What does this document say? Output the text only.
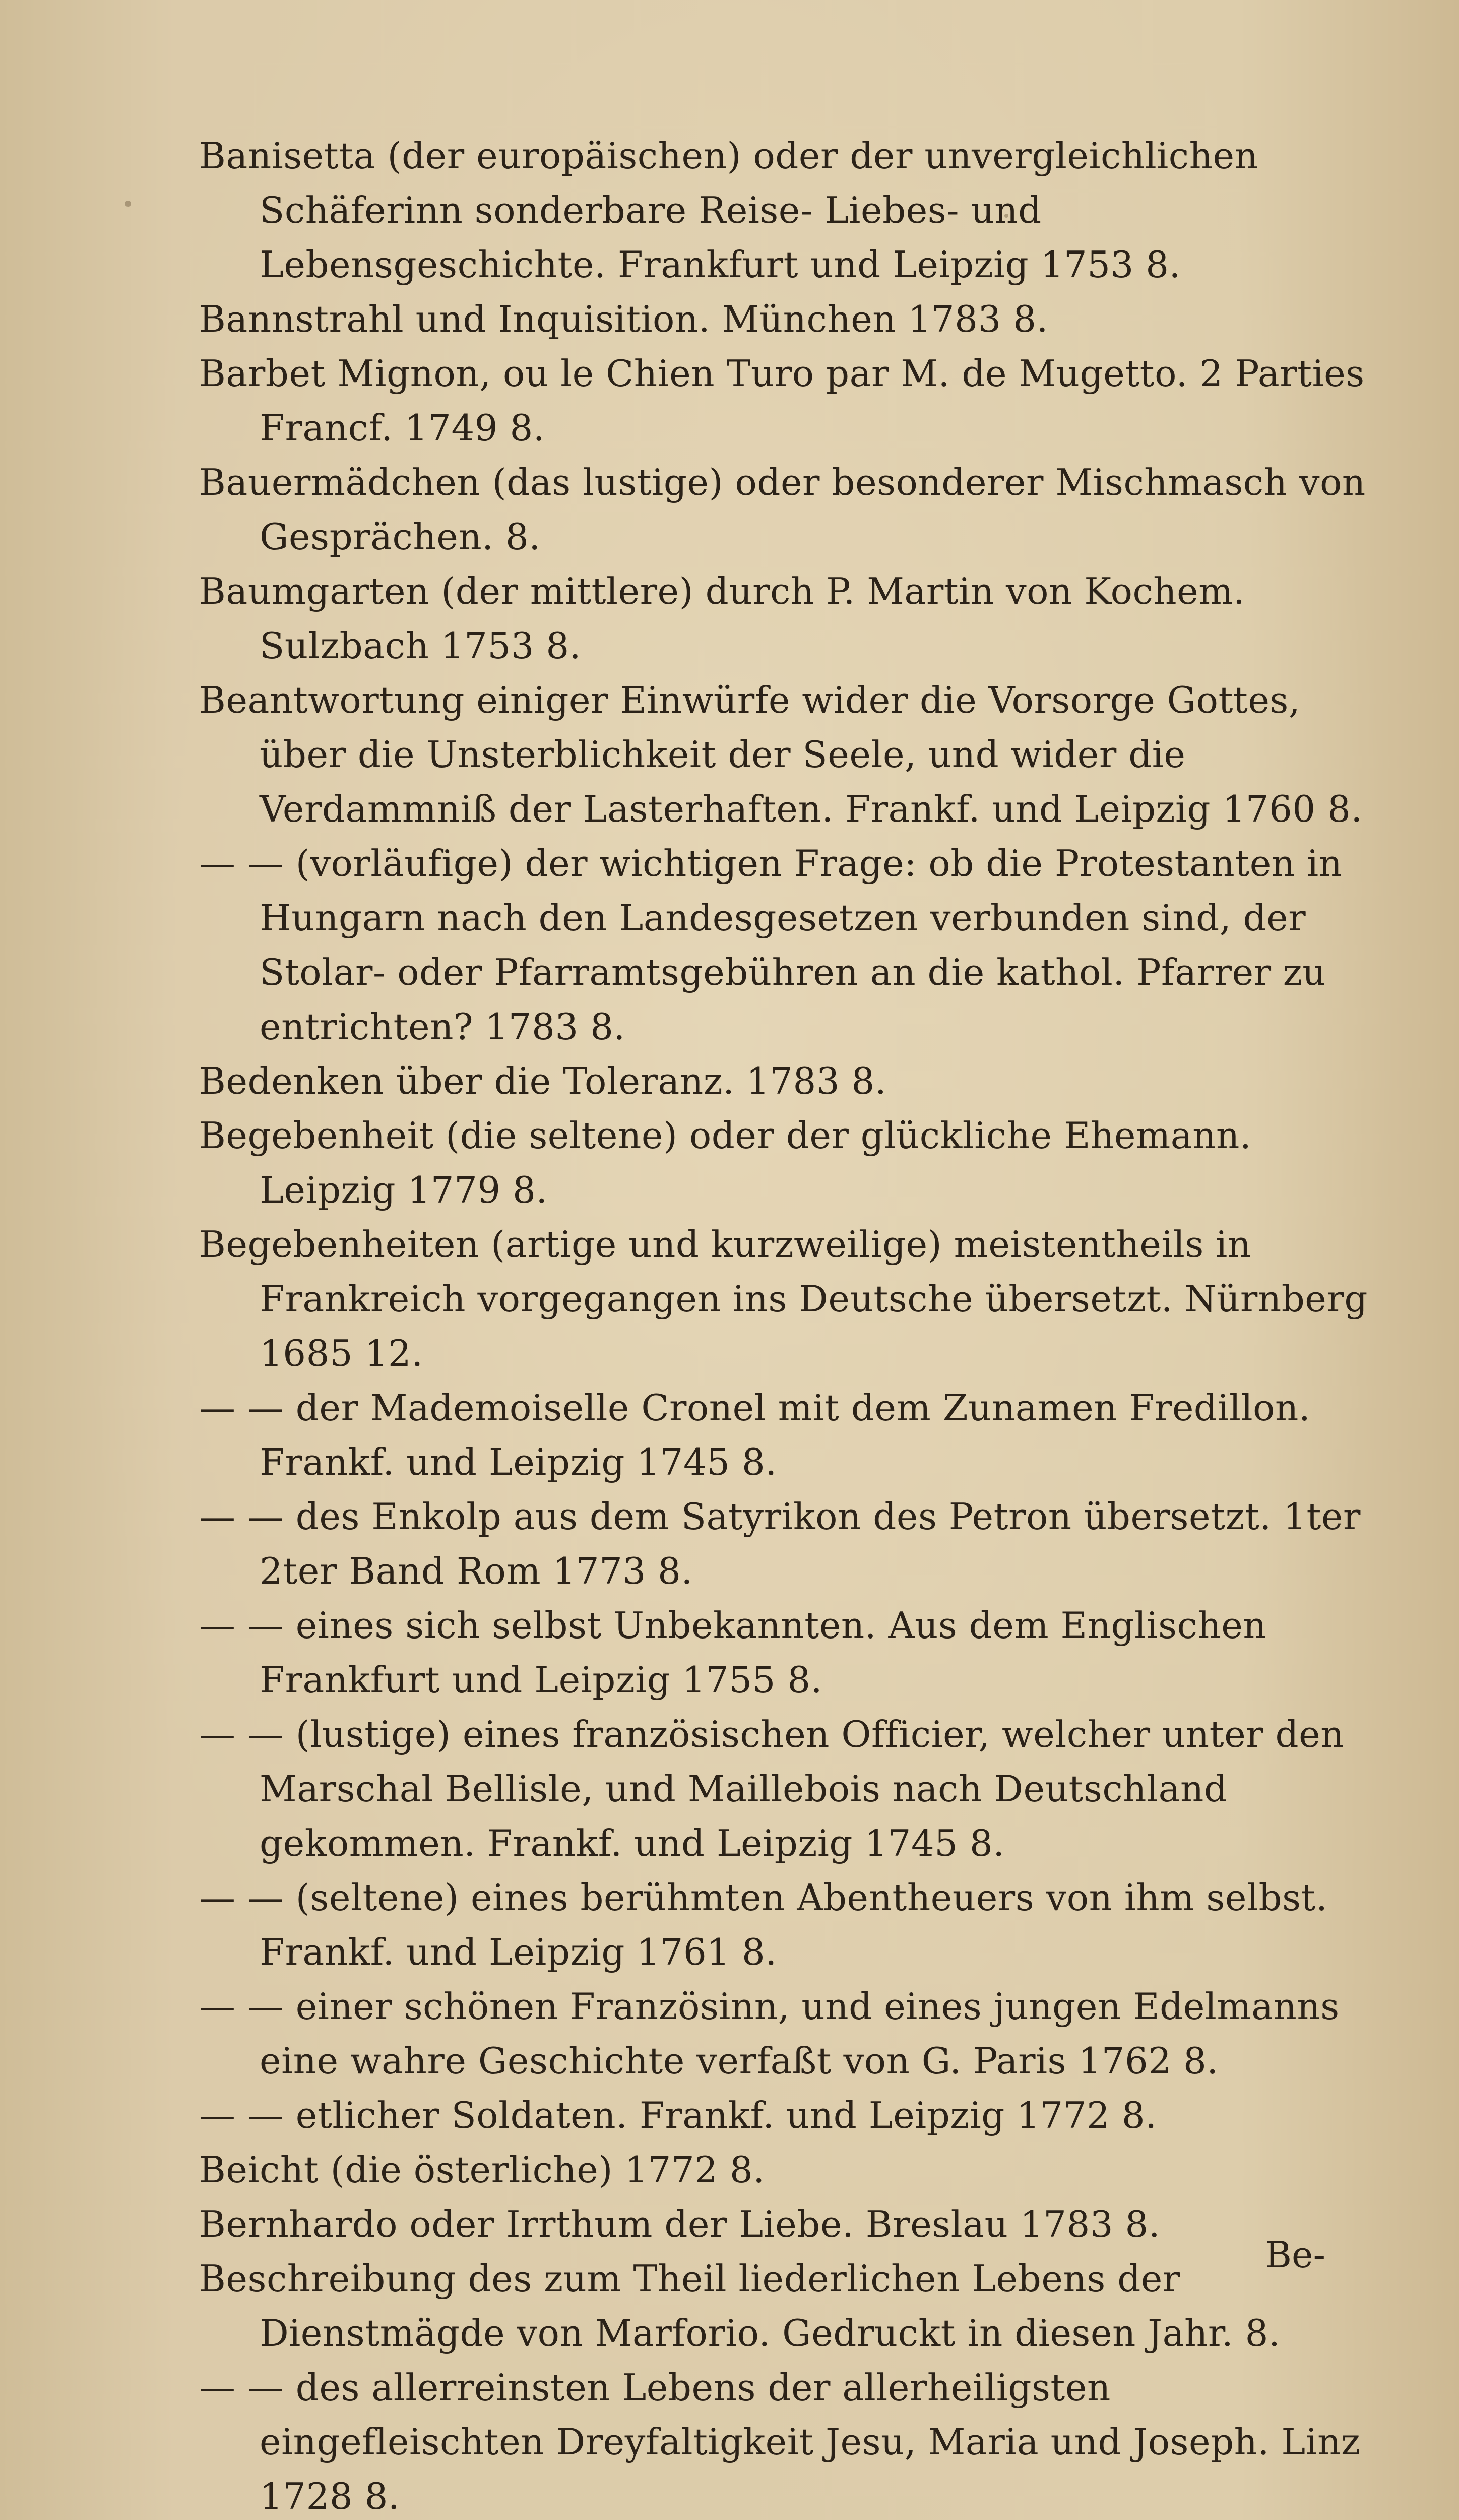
Banisetta (der europäischen) oder der unvergleichlichen Schäferinn sonderbare Reise- Liebes- und Lebensgeschichte. Frankfurt und Leipzig 1753 8.
Bannstrahl und Inquisition. München 1783 8.
Barbet Mignon, ou le Chien Turo par M. de Mugetto. 2 Parties Francf. 1749 8.
Bauermädchen (das lustige) oder besonderer Mischmasch von Gesprächen. 8.
Baumgarten (der mittlere) durch P. Martin von Kochem. Sulzbach 1753 8.
Beantwortung einiger Einwürfe wider die Vorsorge Gottes, über die Unsterblichkeit der Seele, und wider die Verdammniß der Lasterhaften. Frankf. und Leipzig 1760 8.
— — (vorläufige) der wichtigen Frage: ob die Protestanten in Hungarn nach den Landesgesetzen verbunden sind, der Stolar- oder Pfarramtsgebühren an die kathol. Pfarrer zu entrichten? 1783 8.
Bedenken über die Toleranz. 1783 8.
Begebenheit (die seltene) oder der glückliche Ehemann. Leipzig 1779 8.
Begebenheiten (artige und kurzweilige) meistentheils in Frankreich vorgegangen ins Deutsche übersetzt. Nürnberg 1685 12.
— — der Mademoiselle Cronel mit dem Zunamen Fredillon. Frankf. und Leipzig 1745 8.
— — des Enkolp aus dem Satyrikon des Petron übersetzt. 1ter 2ter Band Rom 1773 8.
— — eines sich selbst Unbekannten. Aus dem Englischen Frankfurt und Leipzig 1755 8.
— — (lustige) eines französischen Officier, welcher unter den Marschal Bellisle, und Maillebois nach Deutschland gekommen. Frankf. und Leipzig 1745 8.
— — (seltene) eines berühmten Abentheuers von ihm selbst. Frankf. und Leipzig 1761 8.
— — einer schönen Französinn, und eines jungen Edelmanns eine wahre Geschichte verfaßt von G. Paris 1762 8.
— — etlicher Soldaten. Frankf. und Leipzig 1772 8.
Beicht (die österliche) 1772 8.
Bernhardo oder Irrthum der Liebe. Breslau 1783 8.
Beschreibung des zum Theil liederlichen Lebens der Dienstmägde von Marforio. Gedruckt in diesen Jahr. 8.
— — des allerreinsten Lebens der allerheiligsten eingefleischten Dreyfaltigkeit Jesu, Maria und Joseph. Linz 1728 8.
Be-
